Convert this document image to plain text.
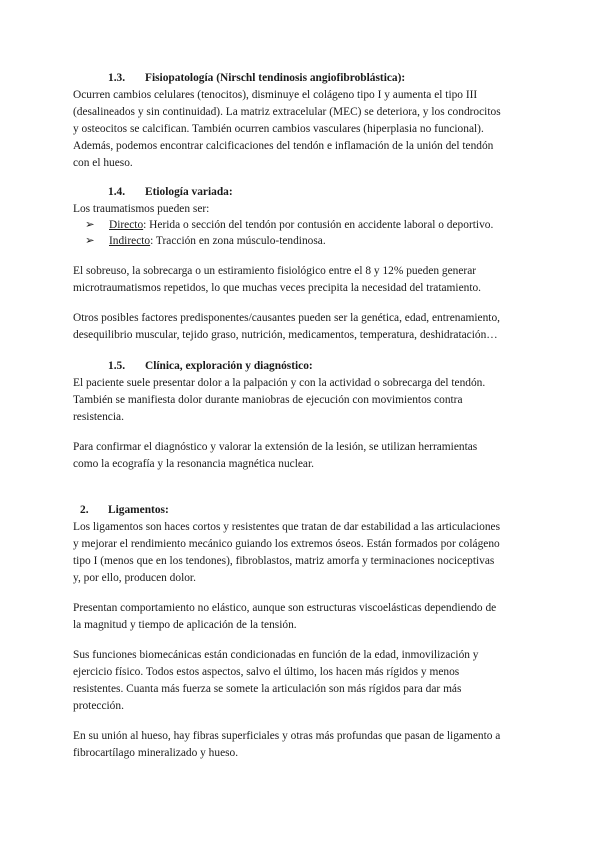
1.3. Fisiopatología (Nirschl tendinosis angiofibroblástica):
Ocurren cambios celulares (tenocitos), disminuye el colágeno tipo I y aumenta el tipo III
(desalineados y sin continuidad). La matriz extracelular (MEC) se deteriora, y los condrocitos
y osteocitos se calcifican. También ocurren cambios vasculares (hiperplasia no funcional).
Además, podemos encontrar calcificaciones del tendón e inflamación de la unión del tendón
con el hueso.
1.4. Etiología variada:
Los traumatismos pueden ser:
➢ Directo: Herida o sección del tendón por contusión en accidente laboral o deportivo.
➢ Indirecto: Tracción en zona músculo-tendinosa.
El sobreuso, la sobrecarga o un estiramiento fisiológico entre el 8 y 12% pueden generar
microtraumatismos repetidos, lo que muchas veces precipita la necesidad del tratamiento.
Otros posibles factores predisponentes/causantes pueden ser la genética, edad, entrenamiento,
desequilibrio muscular, tejido graso, nutrición, medicamentos, temperatura, deshidratación…
1.5. Clínica, exploración y diagnóstico:
El paciente suele presentar dolor a la palpación y con la actividad o sobrecarga del tendón.
También se manifiesta dolor durante maniobras de ejecución con movimientos contra
resistencia.
Para confirmar el diagnóstico y valorar la extensión de la lesión, se utilizan herramientas
como la ecografía y la resonancia magnética nuclear.
2. Ligamentos:
Los ligamentos son haces cortos y resistentes que tratan de dar estabilidad a las articulaciones
y mejorar el rendimiento mecánico guiando los extremos óseos. Están formados por colágeno
tipo I (menos que en los tendones), fibroblastos, matriz amorfa y terminaciones nociceptivas
y, por ello, producen dolor.
Presentan comportamiento no elástico, aunque son estructuras viscoelásticas dependiendo de
la magnitud y tiempo de aplicación de la tensión.
Sus funciones biomecánicas están condicionadas en función de la edad, inmovilización y
ejercicio físico. Todos estos aspectos, salvo el último, los hacen más rígidos y menos
resistentes. Cuanta más fuerza se somete la articulación son más rígidos para dar más
protección.
En su unión al hueso, hay fibras superficiales y otras más profundas que pasan de ligamento a
fibrocartílago mineralizado y hueso.
